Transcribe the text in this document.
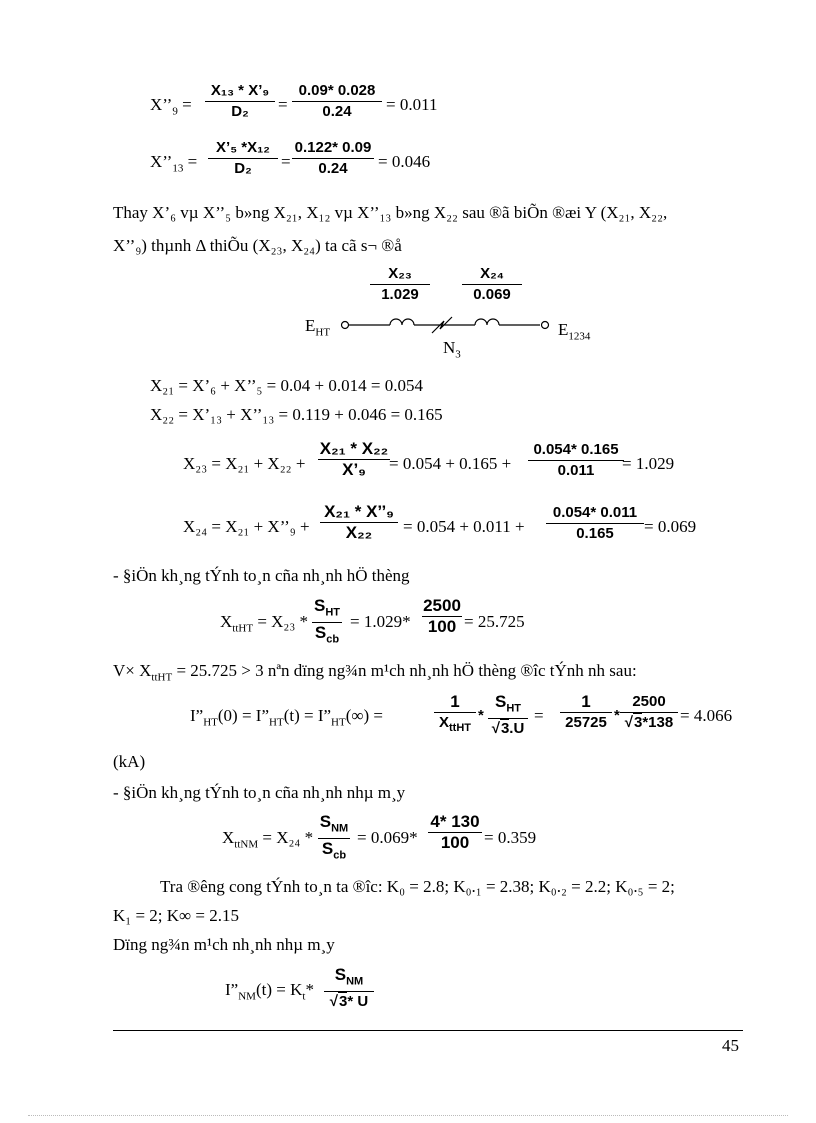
$X’’_9$ =
X₁₃ * X’₉
D₂	=
0.09* 0.028
0.24	= 0.011
$X’’_{13}$ =
X’₅ *X₁₂
D₂	=
0.122* 0.09
0.24	= 0.046
Thay X’₆ vµ X’’₅ b»ng X₂₁, X₁₂ vµ X’’₁₃ b»ng X₂₂ sau ®ã biÕn ®æi Y (X₂₁, X₂₂,
X’’₉) thµnh Δ thiÕu (X₂₃, X₂₄) ta cã s¬ ®å
X₂₃
1.029
X₂₄
0.069
$E_{HT}$	$E_{1234}$
$N_3$
X₂₁ = X’₆ + X’’₅ = 0.04 + 0.014 = 0.054
X₂₂ = X’₁₃ + X’’₁₃ = 0.119 + 0.046 = 0.165
X₂₃ = X₂₁ + X₂₂ +
X₂₁ * X₂₂
X’₉	= 0.054 + 0.165 +
0.054* 0.165
0.011	= 1.029
X₂₄ = X₂₁ + X’’₉ +
X₂₁ * X’’₉
X₂₂	= 0.054 + 0.011 +
0.054* 0.011
0.165	= 0.069
- §iÖn kh¸ng tÝnh to¸n cña nh¸nh hÖ thèng
$X_{ttHT} = X_{23}$ *
$S_{HT}$
$S_{cb}$
= 1.029*
2500
100 = 25.725
$V\times X_{ttHT} = 25.725 > 3$ nªn dïng ng¾n m¹ch nh¸nh hÖ thèng ®îc tÝnh nh sau:
$I”_{HT}(0)$ = $I”_{HT}(t)$ = $I”_{HT}(\infty)$ =
1
$X_{ttHT}$
*
$S_{HT}$
√3.U
=
1
25725 *
2500
√3*138 = 4.066
(kA)
- §iÖn kh¸ng tÝnh to¸n cña nh¸nh nhµ m¸y
$X_{ttNM} = X_{24}$ *
$S_{NM}$
$S_{cb}$
= 0.069*
4* 130
100 = 0.359
Tra ®êng cong tÝnh to¸n ta ®îc: K₀ = 2.8; K₀.₁ = 2.38; K₀.₂ = 2.2; K₀.₅ = 2;
K₁ = 2; K∞ = 2.15
Dïng ng¾n m¹ch nh¸nh nhµ m¸y
$I”_{NM}(t) = K_t*$
$S_{NM}$
√3* U
45
